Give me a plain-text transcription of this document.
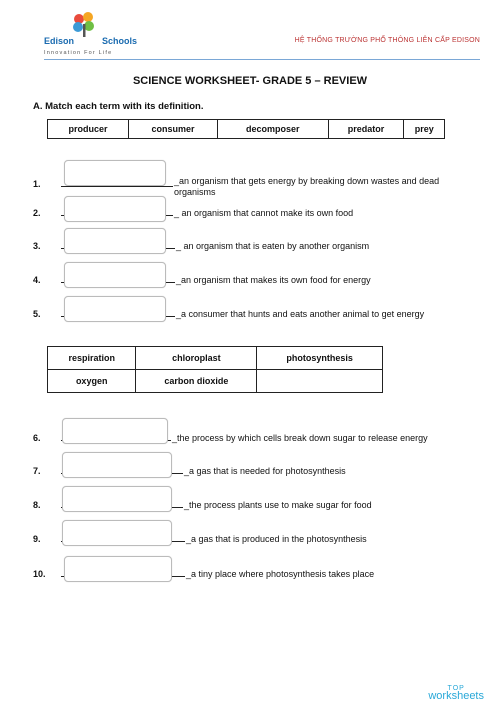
Edison	Schools
Innovation For Life
HỆ THỐNG TRƯỜNG PHỔ THÔNG LIÊN CẤP EDISON
SCIENCE WORKSHEET- GRADE 5 – REVIEW
A. Match each term with its definition.
producer	consumer	decomposer	predator	prey
respiration	chloroplast	photosynthesis
oxygen	carbon dioxide	
1.	_an organism that gets energy by breaking down wastes and dead organisms
2.	_ an organism that cannot make its own food
3.	_ an organism that is eaten by another organism
4.	_an organism that makes its own food for energy
5.	_a consumer that hunts and eats another animal to get energy
6.	_the process by which cells break down sugar to release energy
7.	_a gas that is needed for photosynthesis
8.	_the process plants use to make sugar for food
9.	_a gas that is produced in the photosynthesis
10.	_a tiny place where photosynthesis takes place
TOP
worksheets
